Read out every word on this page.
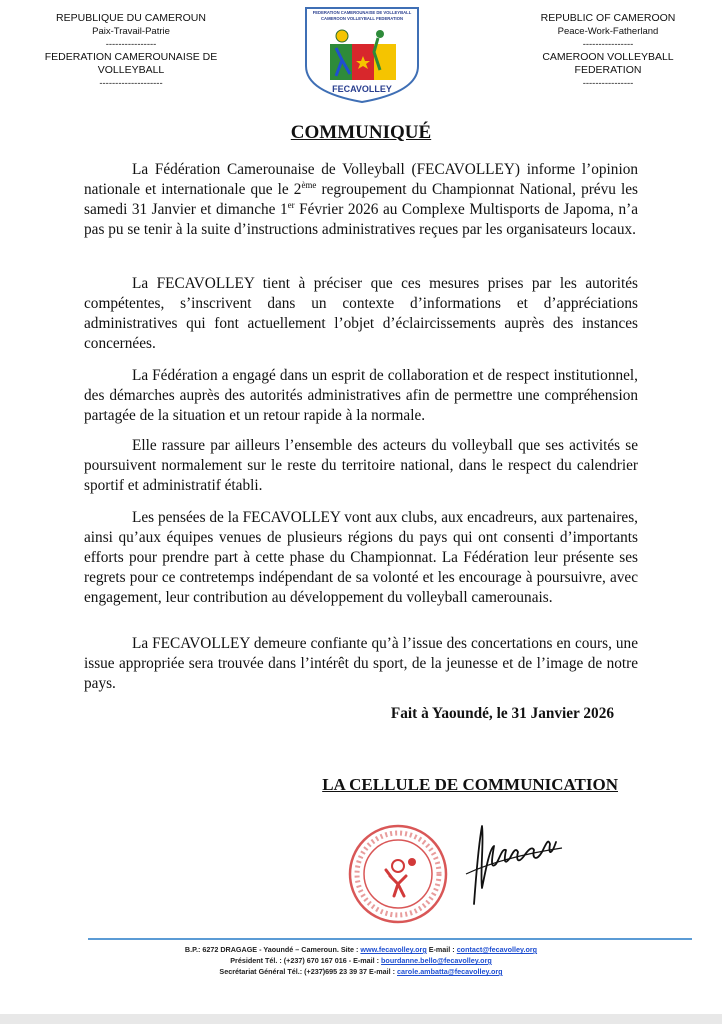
REPUBLIQUE DU CAMEROUN
Paix-Travail-Patrie
----------------
FEDERATION CAMEROUNAISE DE
VOLLEYBALL
--------------------	FECAVOLLEY
FEDERATION CAMEROUNAISE DE VOLLEYBALL
CAMEROON VOLLEYBALL FEDERATION	REPUBLIC OF CAMEROON
Peace-Work-Fatherland
----------------
CAMEROON VOLLEYBALL
FEDERATION
----------------
COMMUNIQUÉ

La Fédération Camerounaise de Volleyball (FECAVOLLEY) informe l’opinion nationale et internationale que le 2ème regroupement du Championnat National, prévu les samedi 31 Janvier et dimanche 1er Février 2026 au Complexe Multisports de Japoma, n’a pas pu se tenir à la suite d’instructions administratives reçues par les organisateurs locaux.

La FECAVOLLEY tient à préciser que ces mesures prises par les autorités compétentes, s’inscrivent dans un contexte d’informations et d’appréciations administratives qui font actuellement l’objet d’éclaircissements auprès des instances concernées.

La Fédération a engagé dans un esprit de collaboration et de respect institutionnel, des démarches auprès des autorités administratives afin de permettre une compréhension partagée de la situation et un retour rapide à la normale.

Elle rassure par ailleurs l’ensemble des acteurs du volleyball que ses activités se poursuivent normalement sur le reste du territoire national, dans le respect du calendrier sportif et administratif établi.

Les pensées de la FECAVOLLEY vont aux clubs, aux encadreurs, aux partenaires, ainsi qu’aux équipes venues de plusieurs régions du pays qui ont consenti d’importants efforts pour prendre part à cette phase du Championnat. La Fédération leur présente ses regrets pour ce contretemps indépendant de sa volonté et les encourage à poursuivre, avec engagement, leur contribution au développement du volleyball camerounais.

La FECAVOLLEY demeure confiante qu’à l’issue des concertations en cours, une issue appropriée sera trouvée dans l’intérêt du sport, de la jeunesse et de l’image de notre pays.

Fait à Yaoundé, le 31 Janvier 2026
LA CELLULE DE COMMUNICATION
B.P.: 6272 DRAGAGE - Yaoundé – Cameroun. Site : www.fecavolley.org E-mail : contact@fecavolley.org
Président Tél. : (+237) 670 167 016 - E-mail : bourdanne.bello@fecavolley.org
Secrétariat Général Tél.: (+237)695 23 39 37 E-mail : carole.ambatta@fecavolley.org
